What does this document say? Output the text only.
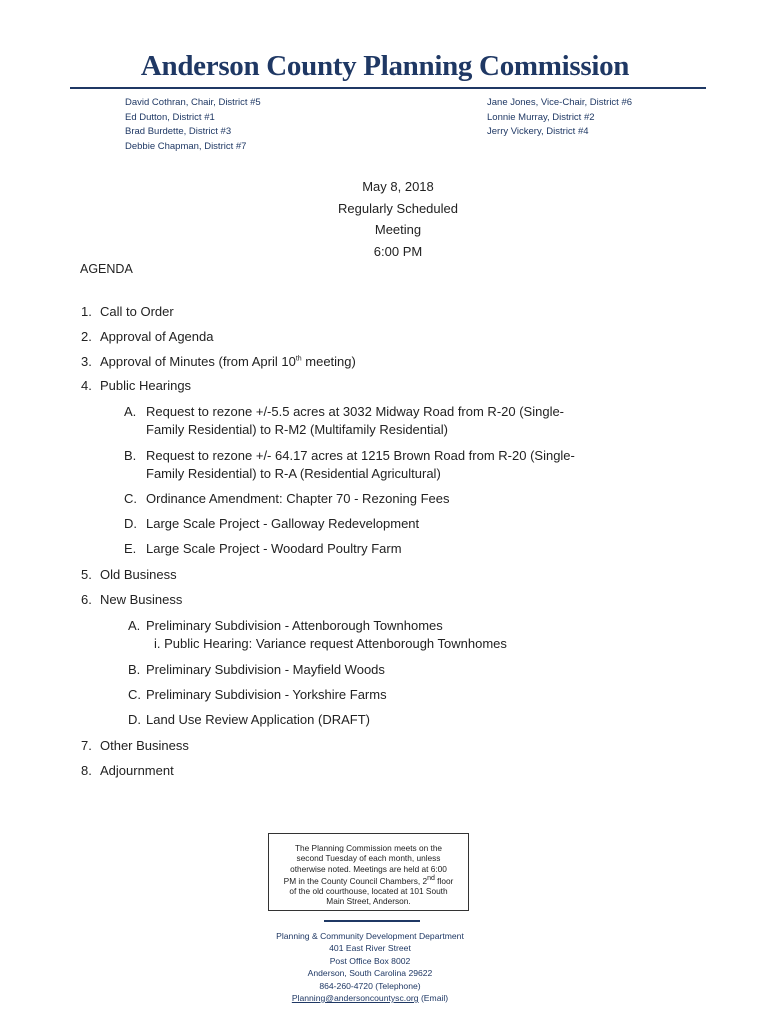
Anderson County Planning Commission
David Cothran, Chair, District #5
Ed Dutton, District #1
Brad Burdette, District #3
Debbie Chapman, District #7
Jane Jones, Vice-Chair, District #6
Lonnie Murray, District #2
Jerry Vickery, District #4
May 8, 2018
Regularly Scheduled
Meeting
6:00 PM
AGENDA
1. Call to Order
2. Approval of Agenda
3. Approval of Minutes (from April 10th meeting)
4. Public Hearings
A. Request to rezone +/-5.5 acres at 3032 Midway Road from R-20 (Single-
Family Residential) to R-M2 (Multifamily Residential)
B. Request to rezone +/- 64.17 acres at 1215 Brown Road from R-20 (Single-
Family Residential) to R-A (Residential Agricultural)
C. Ordinance Amendment: Chapter 70 - Rezoning Fees
D. Large Scale Project - Galloway Redevelopment
E. Large Scale Project - Woodard Poultry Farm
5. Old Business
6. New Business
A. Preliminary Subdivision - Attenborough Townhomes
i. Public Hearing: Variance request Attenborough Townhomes
B. Preliminary Subdivision - Mayfield Woods
C. Preliminary Subdivision - Yorkshire Farms
D. Land Use Review Application (DRAFT)
7. Other Business
8. Adjournment
The Planning Commission meets on the
second Tuesday of each month, unless
otherwise noted. Meetings are held at 6:00
PM in the County Council Chambers, 2nd floor
of the old courthouse, located at 101 South
Main Street, Anderson.
Planning & Community Development Department
401 East River Street
Post Office Box 8002
Anderson, South Carolina 29622
864-260-4720 (Telephone)
Planning@andersoncountysc.org (Email)
